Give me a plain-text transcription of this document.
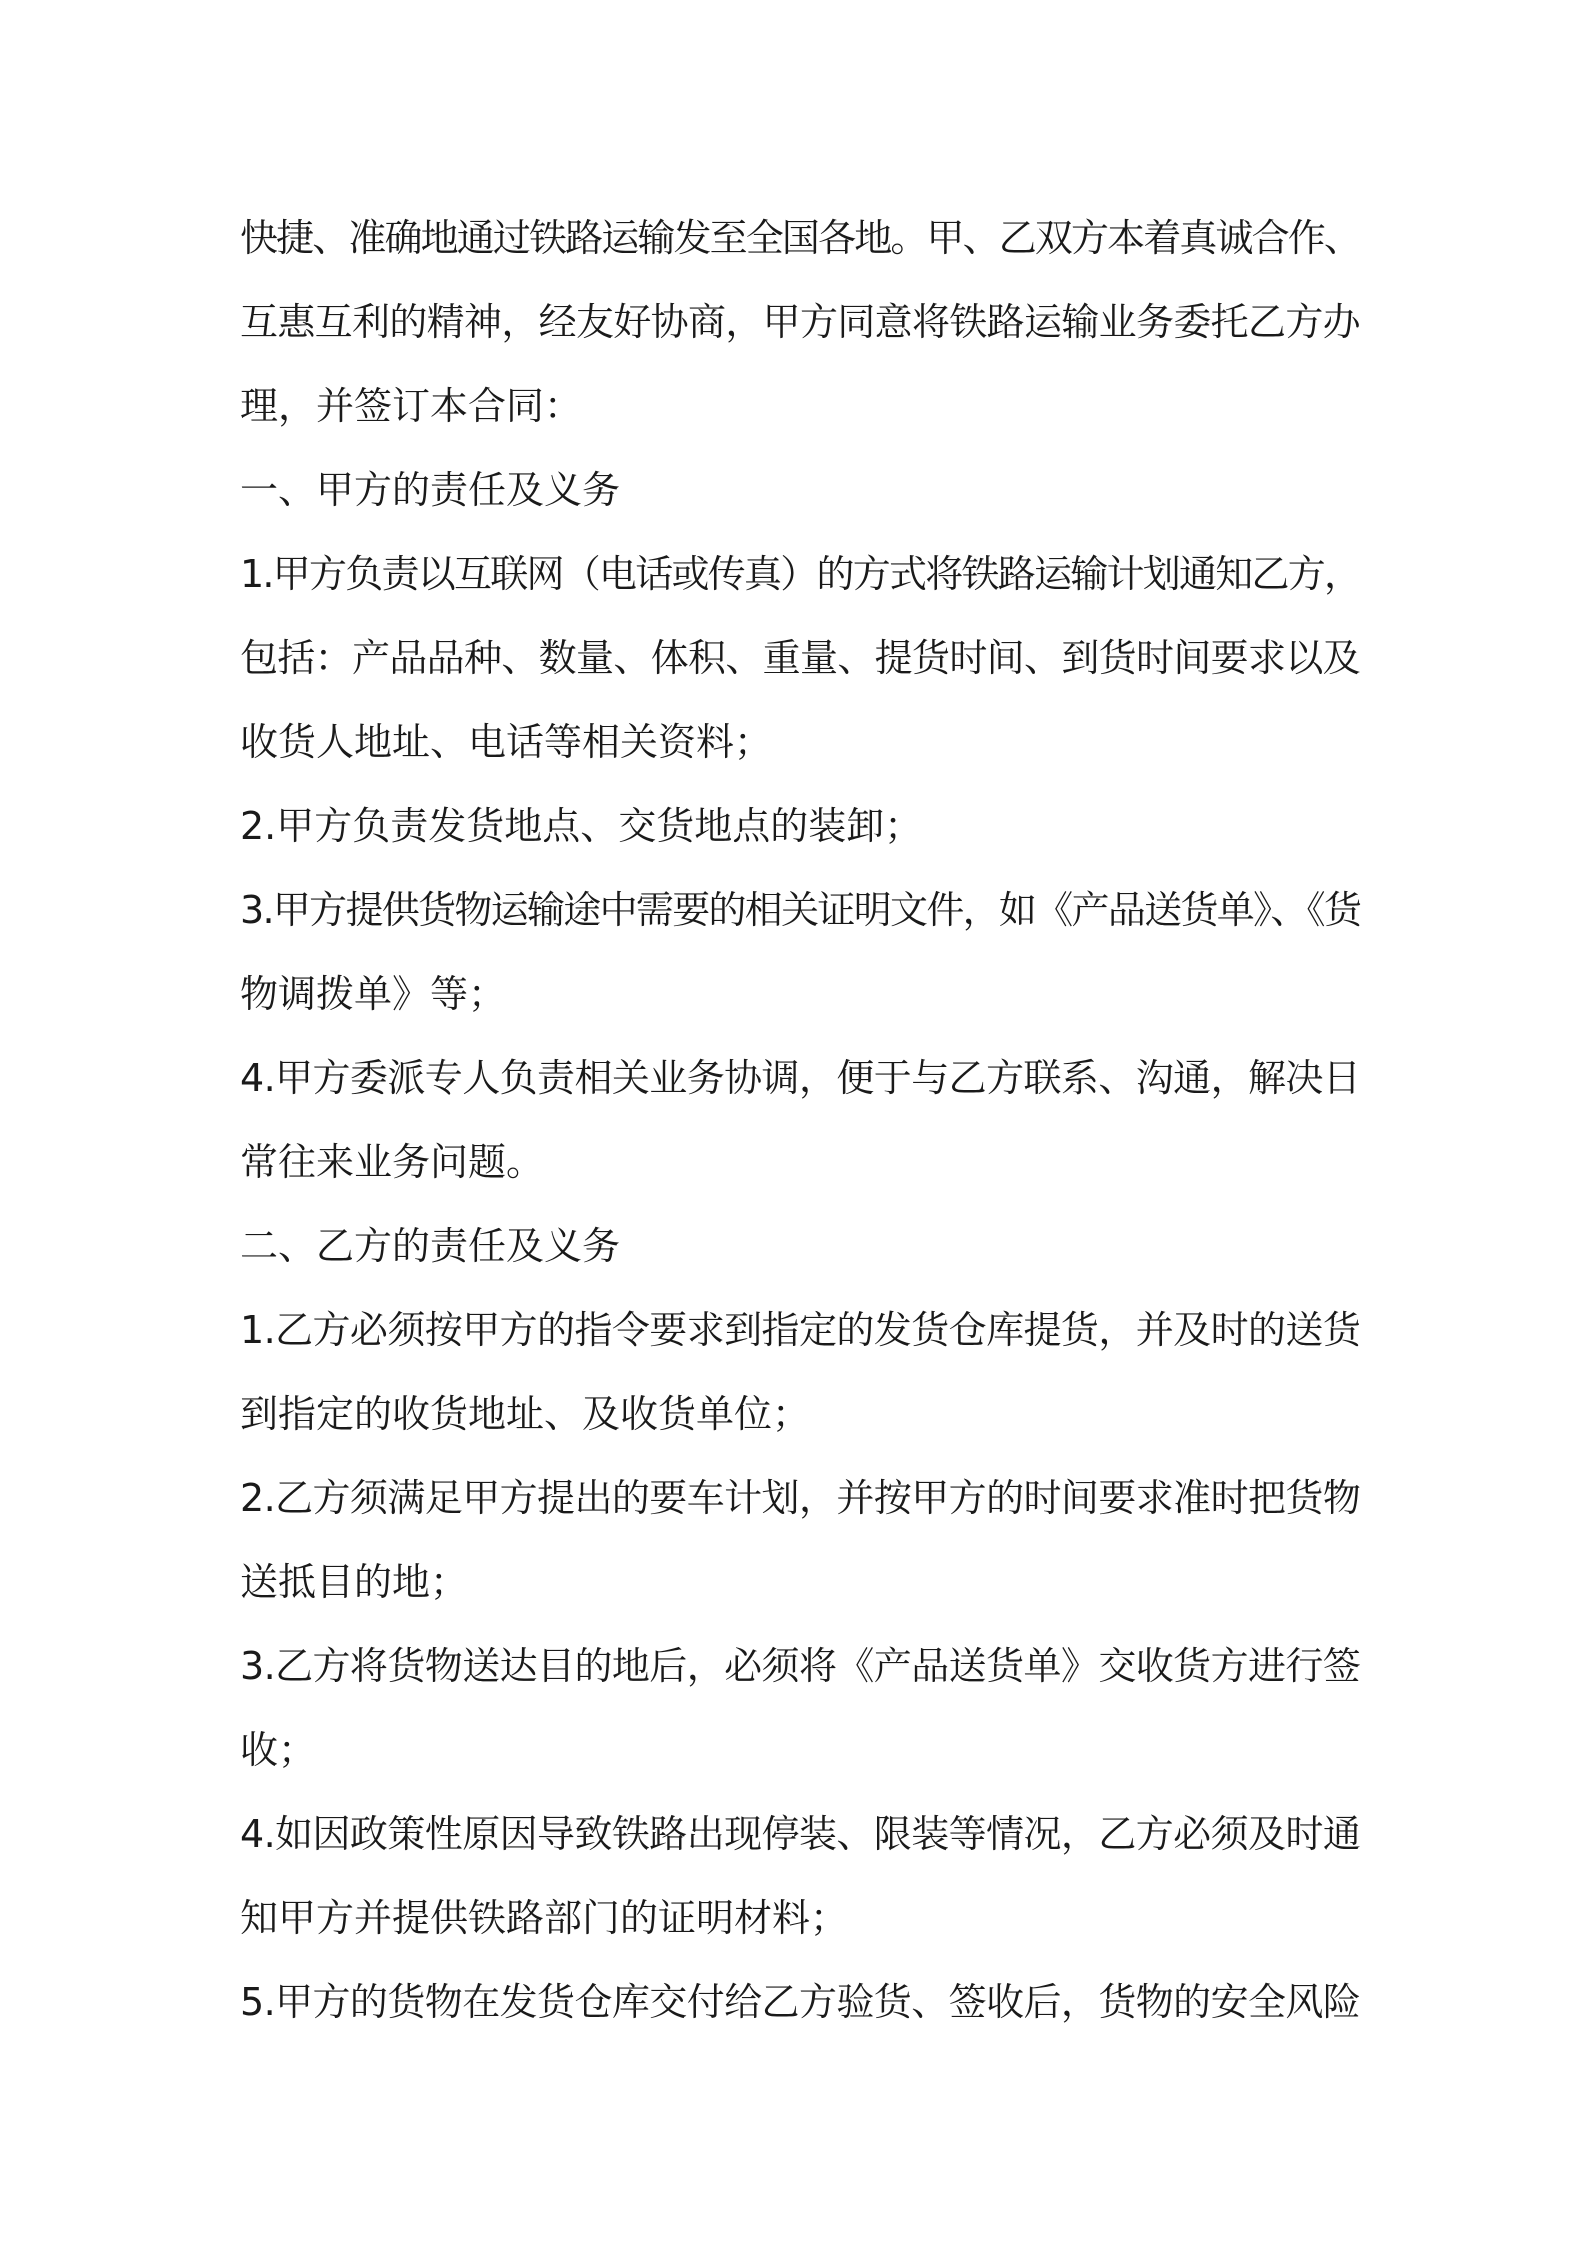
快捷、准确地通过铁路运输发至全国各地。甲、乙双方本着真诚合作、
互惠互利的精神，经友好协商，甲方同意将铁路运输业务委托乙方办
理，并签订本合同：
一、甲方的责任及义务
1.甲方负责以互联网（电话或传真）的方式将铁路运输计划通知乙方，
包括：产品品种、数量、体积、重量、提货时间、到货时间要求以及
收货人地址、电话等相关资料；
2.甲方负责发货地点、交货地点的装卸；
3.甲方提供货物运输途中需要的相关证明文件，如《产品送货单》、《货
物调拨单》等；
4.甲方委派专人负责相关业务协调，便于与乙方联系、沟通，解决日
常往来业务问题。
二、乙方的责任及义务
1.乙方必须按甲方的指令要求到指定的发货仓库提货，并及时的送货
到指定的收货地址、及收货单位；
2.乙方须满足甲方提出的要车计划，并按甲方的时间要求准时把货物
送抵目的地；
3.乙方将货物送达目的地后，必须将《产品送货单》交收货方进行签
收；
4.如因政策性原因导致铁路出现停装、限装等情况，乙方必须及时通
知甲方并提供铁路部门的证明材料；
5.甲方的货物在发货仓库交付给乙方验货、签收后，货物的安全风险
